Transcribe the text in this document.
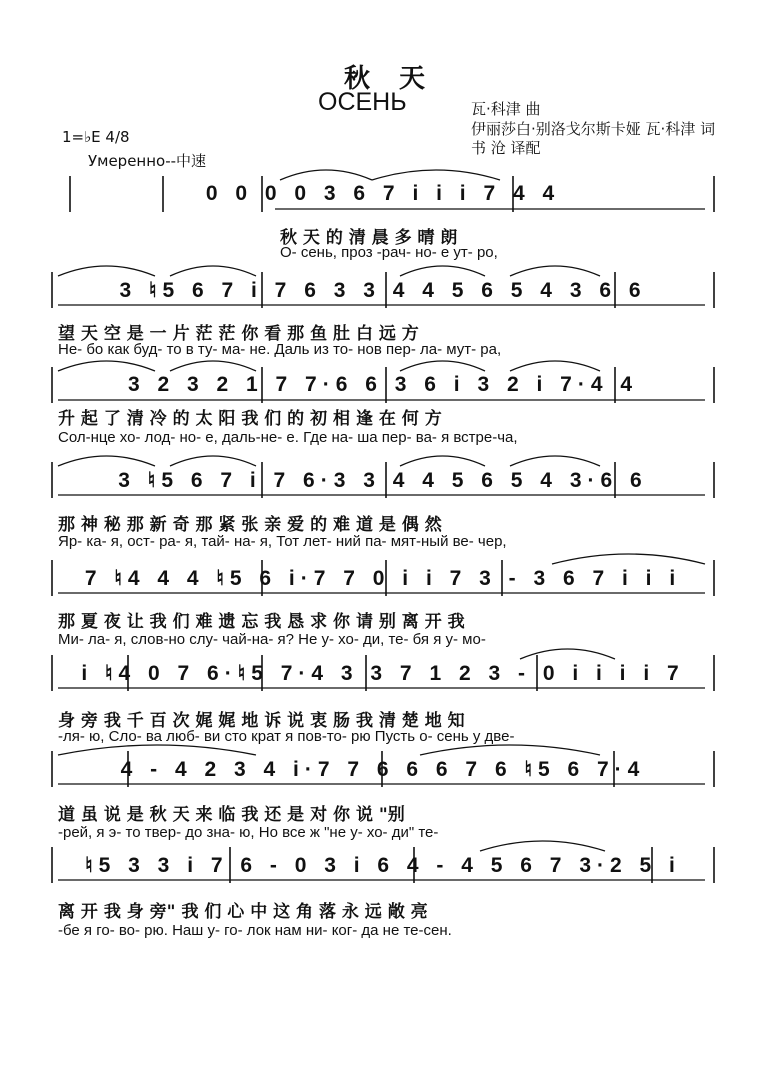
秋 天
ОСЕНЬ	瓦·科津 曲
伊丽莎白·别洛戈尔斯卡娅 瓦·科津 词
书 沧 译配
1=♭E 4/8
Умеренно--中速
0 0 0 0 3 6 7 i i i 7 4 4
秋 天 的 清 晨 多 晴 朗
О- сень, проз -рач- но- е ут- ро,
3 ♮5 6 7 i 7 6 3 3 4 4 5 6 5 4 3 6 6
望 天 空 是 一 片 茫 茫 你 看 那 鱼 肚 白 远 方
Не- бо как буд- то в ту- ма- не. Даль из то- нов пер- ла- мут- ра,
3 2 3 2 1 7 7·6 6 3 6 i 3 2 i 7·4 4
升 起 了 清 冷 的 太 阳 我 们 的 初 相 逢 在 何 方
Сол-нце хо- лод- но- е, даль-не- е. Где на- ша пер- ва- я встре-ча,
3 ♮5 6 7 i 7 6·3 3 4 4 5 6 5 4 3·6 6
那 神 秘 那 新 奇 那 紧 张 亲 爱 的 难 道 是 偶 然
Яр- ка- я, ост- ра- я, тай- на- я, Тот лет- ний па- мят-ный ве- чер,
7 ♮4 4 4 ♮5 6 i·7 7 0 i i 7 3 - 3 6 7 i i i
那 夏 夜 让 我 们 难 遗 忘 我 恳 求 你 请 别 离 开 我
Ми- ла- я, слов-но слу- чай-на- я? Не у- хо- ди, те- бя я у- мо-
i ♮4 0 7 6·♮5 7·4 3 3 7 1 2 3 - 0 i i i i 7
身 旁 我 千 百 次 娓 娓 地 诉 说 衷 肠 我 清 楚 地 知
-ля- ю, Сло- ва люб- ви сто крат я пов-то- рю Пусть о- сень у две-
4 - 4 2 3 4 i·7 7 6 6 6 7 6 ♮5 6 7·4
道 虽 说 是 秋 天 来 临 我 还 是 对 你 说 "别
-рей, я э- то твер- до зна- ю, Но все ж "не у- хо- ди" те-
♮5 3 3 i 7 6 - 0 3 i 6 4 - 4 5 6 7 3·2 5 i
离 开 我 身 旁" 我 们 心 中 这 角 落 永 远 敞 亮
-бе я го- во- рю. Наш у- го- лок нам ни- ког- да не те-сен.
